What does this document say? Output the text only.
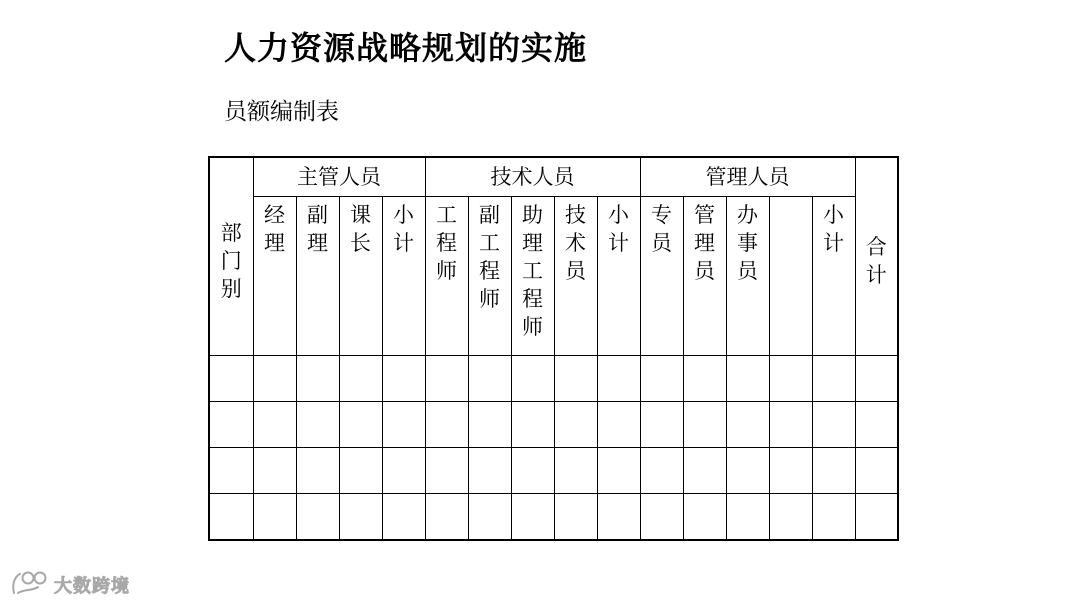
人力资源战略规划的实施
员额编制表
部门别	主管人员				技术人员					管理人员					合计
	经理	副理	课长	小计	工程师	副工程师	助理工程师	技术员	小计	专员	管理员	办事员		小计	

大数跨境
